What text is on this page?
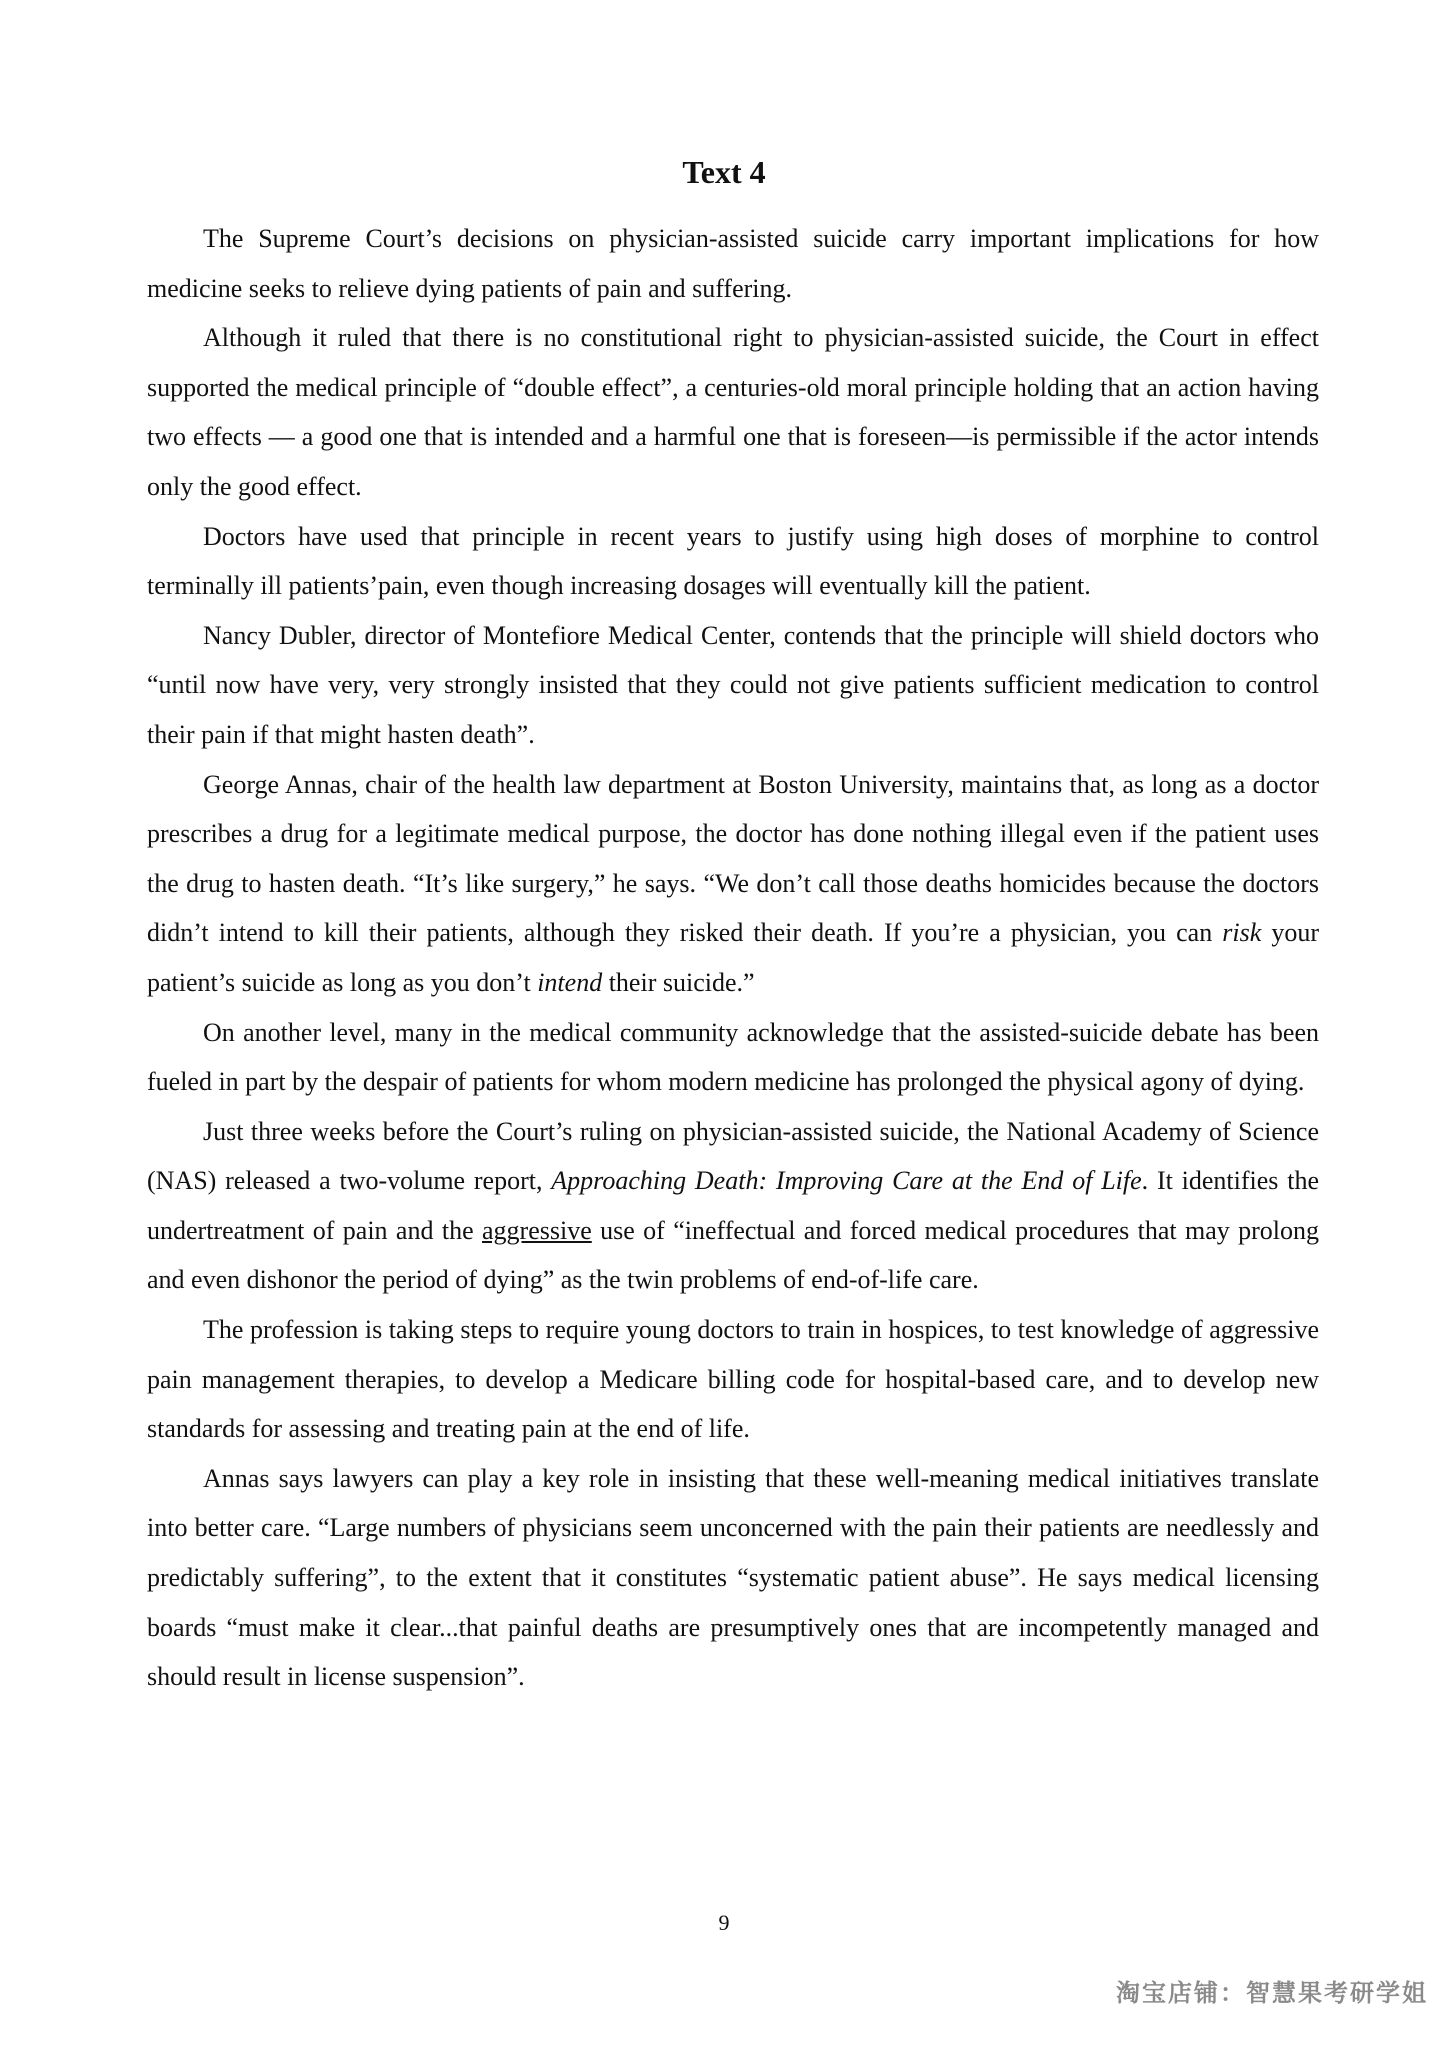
Text 4

The Supreme Court’s decisions on physician-assisted suicide carry important implications for how medicine seeks to relieve dying patients of pain and suffering.

Although it ruled that there is no constitutional right to physician-assisted suicide, the Court in effect supported the medical principle of “double effect”, a centuries-old moral principle holding that an action having two effects — a good one that is intended and a harmful one that is foreseen—is permissible if the actor intends only the good effect.

Doctors have used that principle in recent years to justify using high doses of morphine to control terminally ill patients’pain, even though increasing dosages will eventually kill the patient.

Nancy Dubler, director of Montefiore Medical Center, contends that the principle will shield doctors who “until now have very, very strongly insisted that they could not give patients sufficient medication to control their pain if that might hasten death”.

George Annas, chair of the health law department at Boston University, maintains that, as long as a doctor prescribes a drug for a legitimate medical purpose, the doctor has done nothing illegal even if the patient uses the drug to hasten death. “It’s like surgery,” he says. “We don’t call those deaths homicides because the doctors didn’t intend to kill their patients, although they risked their death. If you’re a physician, you can risk your patient’s suicide as long as you don’t intend their suicide.”

On another level, many in the medical community acknowledge that the assisted-suicide debate has been fueled in part by the despair of patients for whom modern medicine has prolonged the physical agony of dying.

Just three weeks before the Court’s ruling on physician-assisted suicide, the National Academy of Science (NAS) released a two-volume report, Approaching Death: Improving Care at the End of Life. It identifies the undertreatment of pain and the aggressive use of “ineffectual and forced medical procedures that may prolong and even dishonor the period of dying” as the twin problems of end-of-life care.

The profession is taking steps to require young doctors to train in hospices, to test knowledge of aggressive pain management therapies, to develop a Medicare billing code for hospital-based care, and to develop new standards for assessing and treating pain at the end of life.

Annas says lawyers can play a key role in insisting that these well-meaning medical initiatives translate into better care. “Large numbers of physicians seem unconcerned with the pain their patients are needlessly and predictably suffering”, to the extent that it constitutes “systematic patient abuse”. He says medical licensing boards “must make it clear...that painful deaths are presumptively ones that are incompetently managed and should result in license suspension”.

9
淘宝店铺：智慧果考研学姐
